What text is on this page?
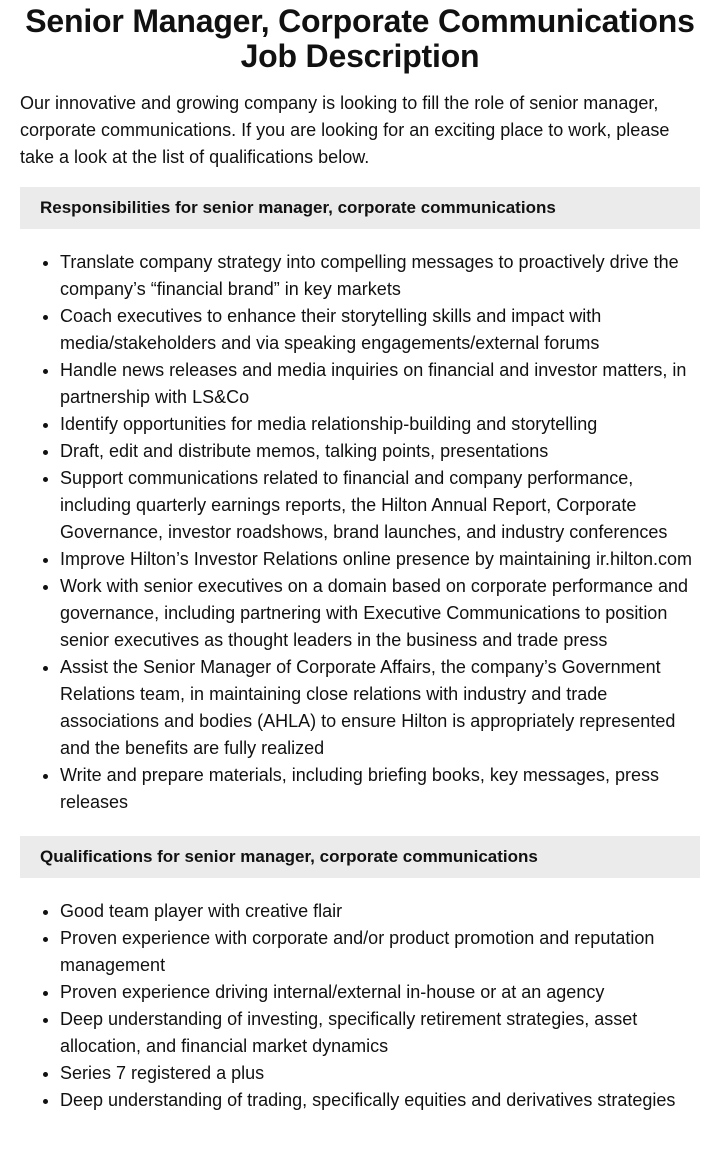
Senior Manager, Corporate Communications
Job Description

Our innovative and growing company is looking to fill the role of senior manager, corporate communications. If you are looking for an exciting place to work, please take a look at the list of qualifications below.

Responsibilities for senior manager, corporate communications
• Translate company strategy into compelling messages to proactively drive the company’s “financial brand” in key markets
• Coach executives to enhance their storytelling skills and impact with media/stakeholders and via speaking engagements/external forums
• Handle news releases and media inquiries on financial and investor matters, in partnership with LS&Co
• Identify opportunities for media relationship-building and storytelling
• Draft, edit and distribute memos, talking points, presentations
• Support communications related to financial and company performance, including quarterly earnings reports, the Hilton Annual Report, Corporate Governance, investor roadshows, brand launches, and industry conferences
• Improve Hilton’s Investor Relations online presence by maintaining ir.hilton.com
• Work with senior executives on a domain based on corporate performance and governance, including partnering with Executive Communications to position senior executives as thought leaders in the business and trade press
• Assist the Senior Manager of Corporate Affairs, the company’s Government Relations team, in maintaining close relations with industry and trade associations and bodies (AHLA) to ensure Hilton is appropriately represented and the benefits are fully realized
• Write and prepare materials, including briefing books, key messages, press releases
Qualifications for senior manager, corporate communications
• Good team player with creative flair
• Proven experience with corporate and/or product promotion and reputation management
• Proven experience driving internal/external in-house or at an agency
• Deep understanding of investing, specifically retirement strategies, asset allocation, and financial market dynamics
• Series 7 registered a plus
• Deep understanding of trading, specifically equities and derivatives strategies
